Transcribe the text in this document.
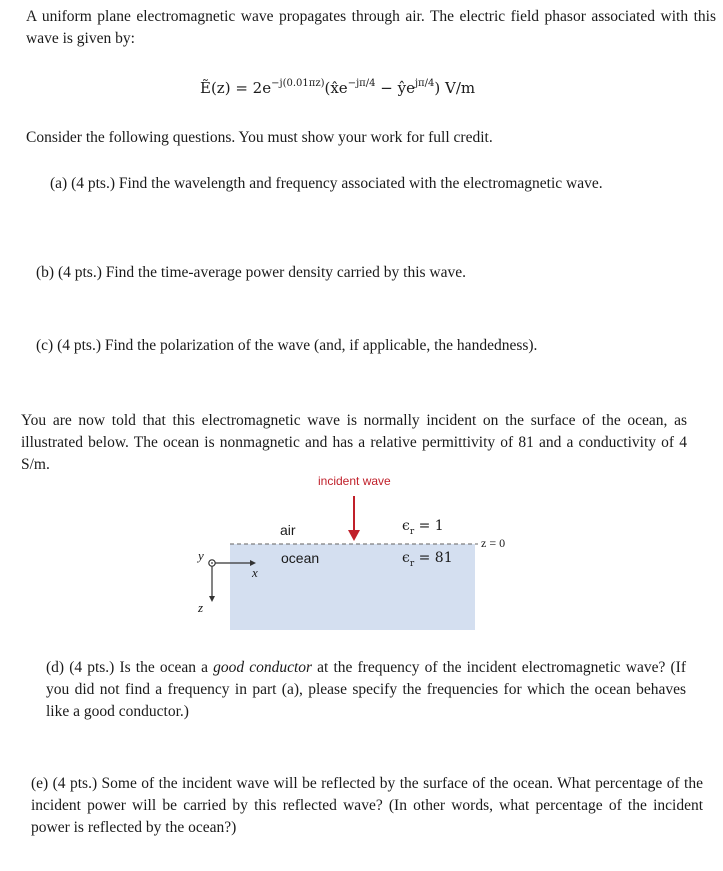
A uniform plane electromagnetic wave propagates through air. The electric field phasor associated with this wave is given by:
Ẽ(z) = $2e^{-j(0.01\pi z)}(x̂e^{-j\pi/4}$ − $ŷe^{j\pi/4}$) V/m
Consider the following questions. You must show your work for full credit.
(a) (4 pts.) Find the wavelength and frequency associated with the electromagnetic wave.
(b) (4 pts.) Find the time-average power density carried by this wave.
(c) (4 pts.) Find the polarization of the wave (and, if applicable, the handedness).
You are now told that this electromagnetic wave is normally incident on the surface of the ocean, as illustrated below. The ocean is nonmagnetic and has a relative permittivity of 81 and a conductivity of 4 S/m.
incident wave
air
ocean
$\epsilon_r = 1$
$\epsilon_r = 81$
z = 0
y
x
z
(d) (4 pts.) Is the ocean a good conductor at the frequency of the incident electromagnetic wave? (If you did not find a frequency in part (a), please specify the frequencies for which the ocean behaves like a good conductor.)
(e) (4 pts.) Some of the incident wave will be reflected by the surface of the ocean. What percentage of the incident power will be carried by this reflected wave? (In other words, what percentage of the incident power is reflected by the ocean?)
